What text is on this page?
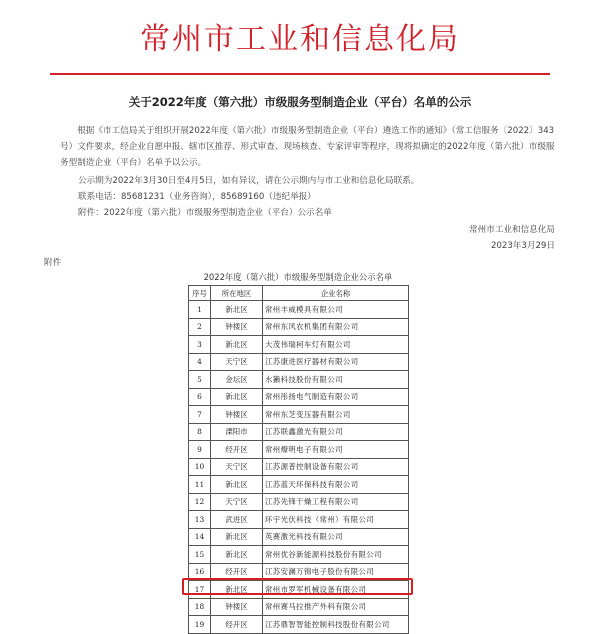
常州市工业和信息化局
关于2022年度（第六批）市级服务型制造企业（平台）名单的公示
根据《市工信局关于组织开展2022年度（第六批）市级服务型制造企业（平台）遴选工作的通知》（常工信服务〔2022〕343号）文件要求，经企业自愿申报、辖市区推荐、形式审查、现场核查、专家评审等程序，现将拟确定的2022年度（第六批）市级服务型制造企业（平台）名单予以公示。
公示期为2022年3月30日至4月5日，如有异议，请在公示期内与市工业和信息化局联系。
联系电话：85681231（业务咨询），85689160（违纪举报）
附件：2022年度（第六批）市级服务型制造企业（平台）公示名单
常州市工业和信息化局
2023年3月29日
附件
2022年度（第六批）市级服务型制造企业公示名单
序号	所在地区	企业名称
1	新北区	常州丰威模具有限公司
2	钟楼区	常州东风农机集团有限公司
3	新北区	大茂伟瑞柯车灯有限公司
4	天宁区	江苏康进医疗器材有限公司
5	金坛区	水獭科技股份有限公司
6	新北区	常州彤扬电气制造有限公司
7	钟楼区	常州东芝变压器有限公司
8	溧阳市	江苏联鑫激光有限公司
9	经开区	常州燎明电子有限公司
10	天宁区	江苏源普控制设备有限公司
11	新北区	江苏蓝天环保科技有限公司
12	天宁区	江苏先锋干燥工程有限公司
13	武进区	环宇光伏科技（常州）有限公司
14	新北区	英赛激光科技有限公司
15	新北区	常州优谷新能源科技股份有限公司
16	经开区	江苏安澜万锦电子股份有限公司
17	新北区	常州市罗军机械设备有限公司
18	钟楼区	常州赛马拉推产外科有限公司
19	经开区	江苏鼎智智能控制科技股份有限公司
